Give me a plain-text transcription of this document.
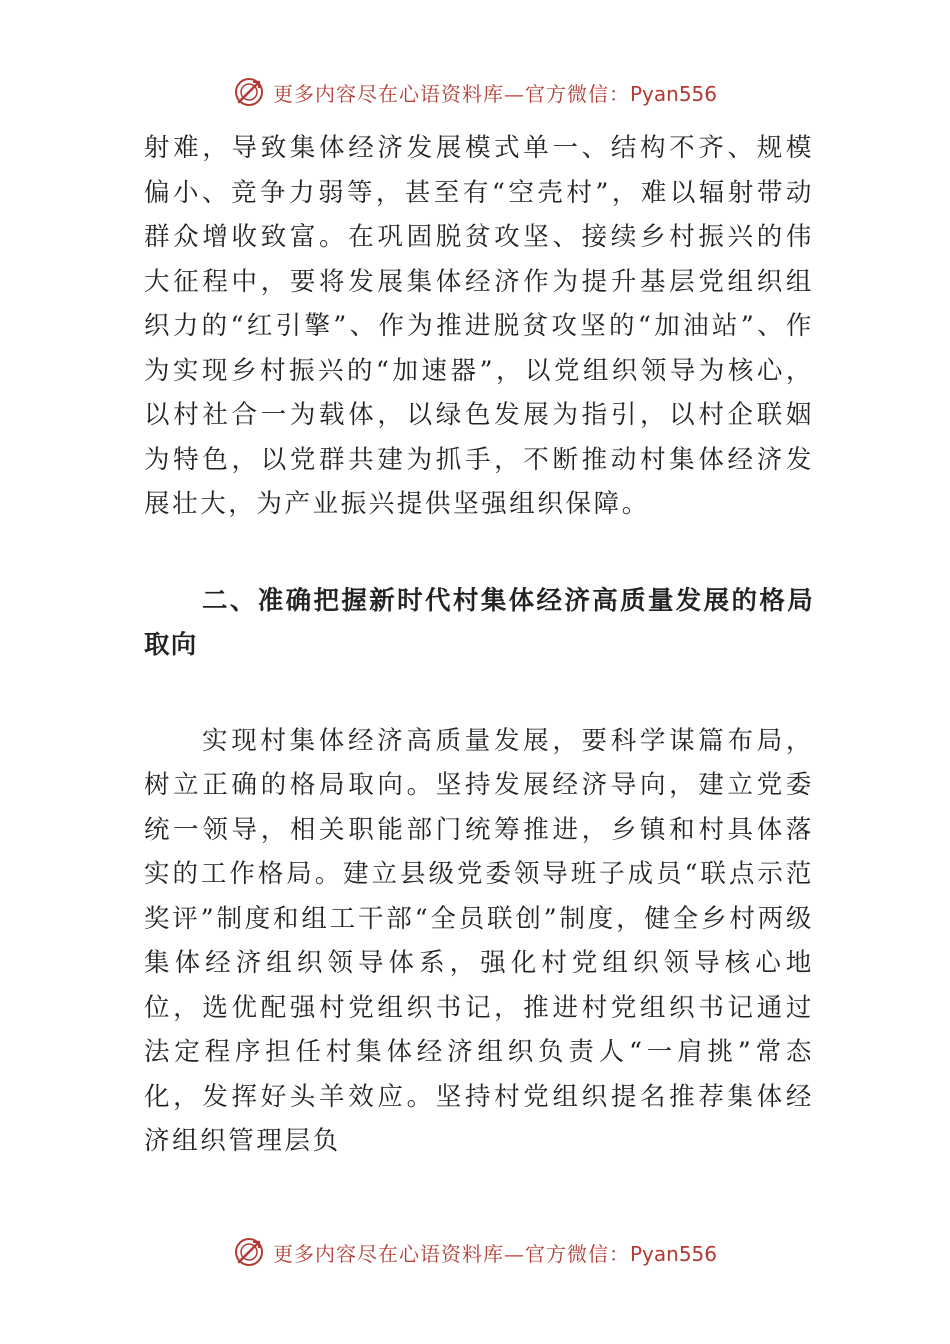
更多内容尽在心语资料库—官方微信：Pyan556

射难，导致集体经济发展模式单一、结构不齐、规模偏小、竞争力弱等，甚至有“空壳村”，难以辐射带动群众增收致富。在巩固脱贫攻坚、接续乡村振兴的伟大征程中，要将发展集体经济作为提升基层党组织组织力的“红引擎”、作为推进脱贫攻坚的“加油站”、作为实现乡村振兴的“加速器”，以党组织领导为核心，以村社合一为载体，以绿色发展为指引，以村企联姻为特色，以党群共建为抓手，不断推动村集体经济发展壮大，为产业振兴提供坚强组织保障。

二、准确把握新时代村集体经济高质量发展的格局取向

实现村集体经济高质量发展，要科学谋篇布局，树立正确的格局取向。坚持发展经济导向，建立党委统一领导，相关职能部门统筹推进，乡镇和村具体落实的工作格局。建立县级党委领导班子成员“联点示范奖评”制度和组工干部“全员联创”制度，健全乡村两级集体经济组织领导体系，强化村党组织领导核心地位，选优配强村党组织书记，推进村党组织书记通过法定程序担任村集体经济组织负责人“一肩挑”常态化，发挥好头羊效应。坚持村党组织提名推荐集体经济组织管理层负

更多内容尽在心语资料库—官方微信：Pyan556
